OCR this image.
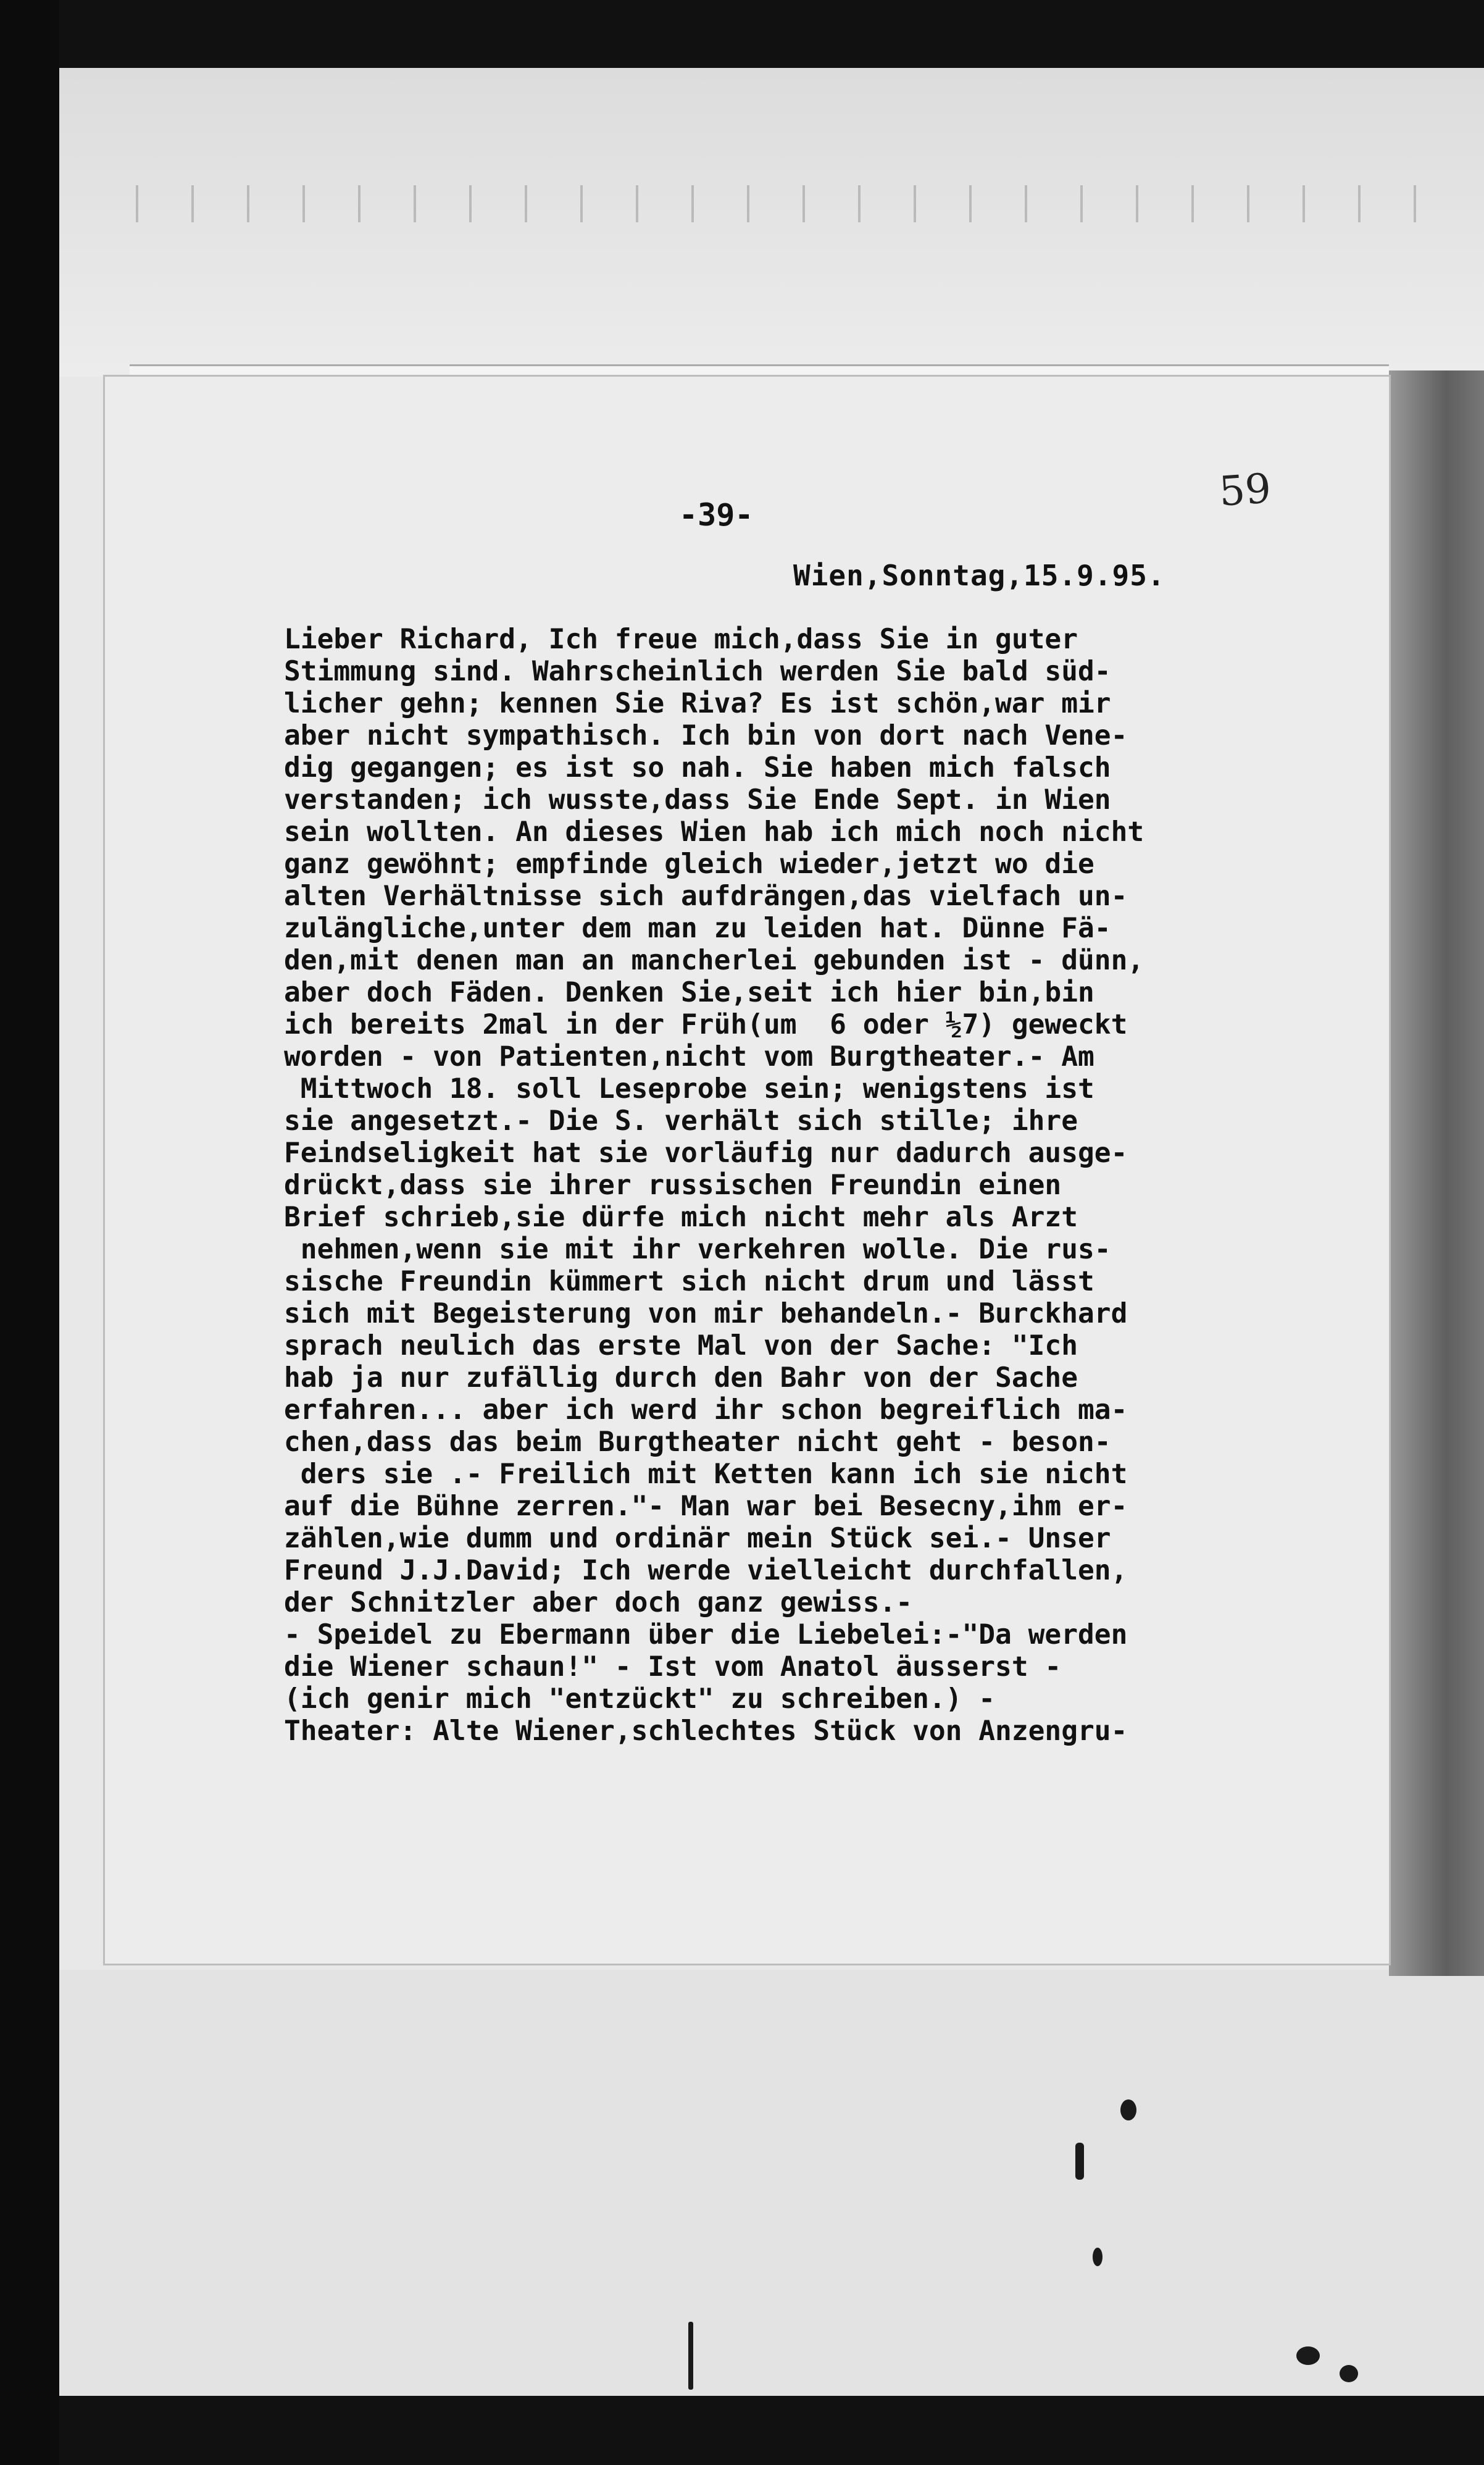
59
-39-
Wien,Sonntag,15.9.95.
Lieber Richard, Ich freue mich,dass Sie in guter
Stimmung sind. Wahrscheinlich werden Sie bald süd-
licher gehn; kennen Sie Riva? Es ist schön,war mir
aber nicht sympathisch. Ich bin von dort nach Vene-
dig gegangen; es ist so nah. Sie haben mich falsch
verstanden; ich wusste,dass Sie Ende Sept. in Wien
sein wollten. An dieses Wien hab ich mich noch nicht
ganz gewöhnt; empfinde gleich wieder,jetzt wo die
alten Verhältnisse sich aufdrängen,das vielfach un-
zulängliche,unter dem man zu leiden hat. Dünne Fä-
den,mit denen man an mancherlei gebunden ist - dünn,
aber doch Fäden. Denken Sie,seit ich hier bin,bin
ich bereits 2mal in der Früh(um  6 oder ½7) geweckt
worden - von Patienten,nicht vom Burgtheater.- Am
Mittwoch 18. soll Leseprobe sein; wenigstens ist
sie angesetzt.- Die S. verhält sich stille; ihre
Feindseligkeit hat sie vorläufig nur dadurch ausge-
drückt,dass sie ihrer russischen Freundin einen
Brief schrieb,sie dürfe mich nicht mehr als Arzt
nehmen,wenn sie mit ihr verkehren wolle. Die rus-
sische Freundin kümmert sich nicht drum und lässt
sich mit Begeisterung von mir behandeln.- Burckhard
sprach neulich das erste Mal von der Sache: "Ich
hab ja nur zufällig durch den Bahr von der Sache
erfahren... aber ich werd ihr schon begreiflich ma-
chen,dass das beim Burgtheater nicht geht - beson-
ders sie .- Freilich mit Ketten kann ich sie nicht
auf die Bühne zerren."- Man war bei Besecny,ihm er-
zählen,wie dumm und ordinär mein Stück sei.- Unser
Freund J.J.David; Ich werde vielleicht durchfallen,
der Schnitzler aber doch ganz gewiss.-
- Speidel zu Ebermann über die Liebelei:-"Da werden
die Wiener schaun!" - Ist vom Anatol äusserst -
(ich genir mich "entzückt" zu schreiben.) -
Theater: Alte Wiener,schlechtes Stück von Anzengru-
